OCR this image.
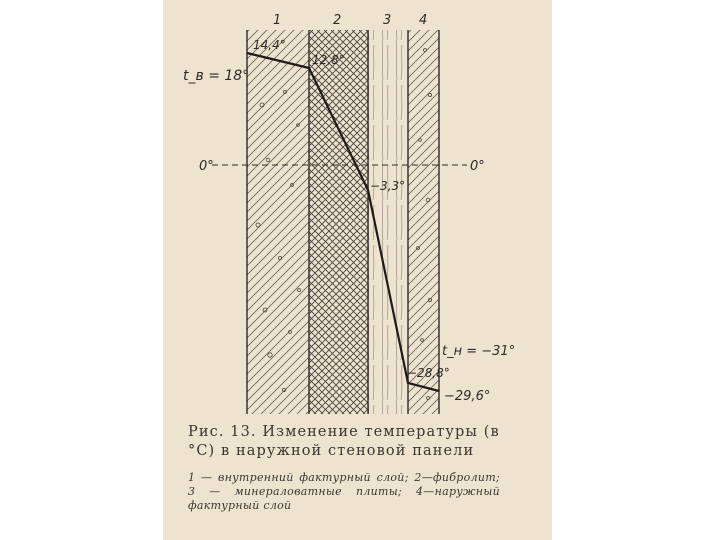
1	2	3 4
0°	0°
t_в = 18°
t_н = −31°
14,4°
12,8°
−3,3°
−28,8°
−29,6°
Рис. 13. Изменение температуры (в °С) в наружной стеновой панели
1 — внутренний фактурный слой; 2—фибролит; 3 — минераловатные плиты; 4—наружный фактурный слой
